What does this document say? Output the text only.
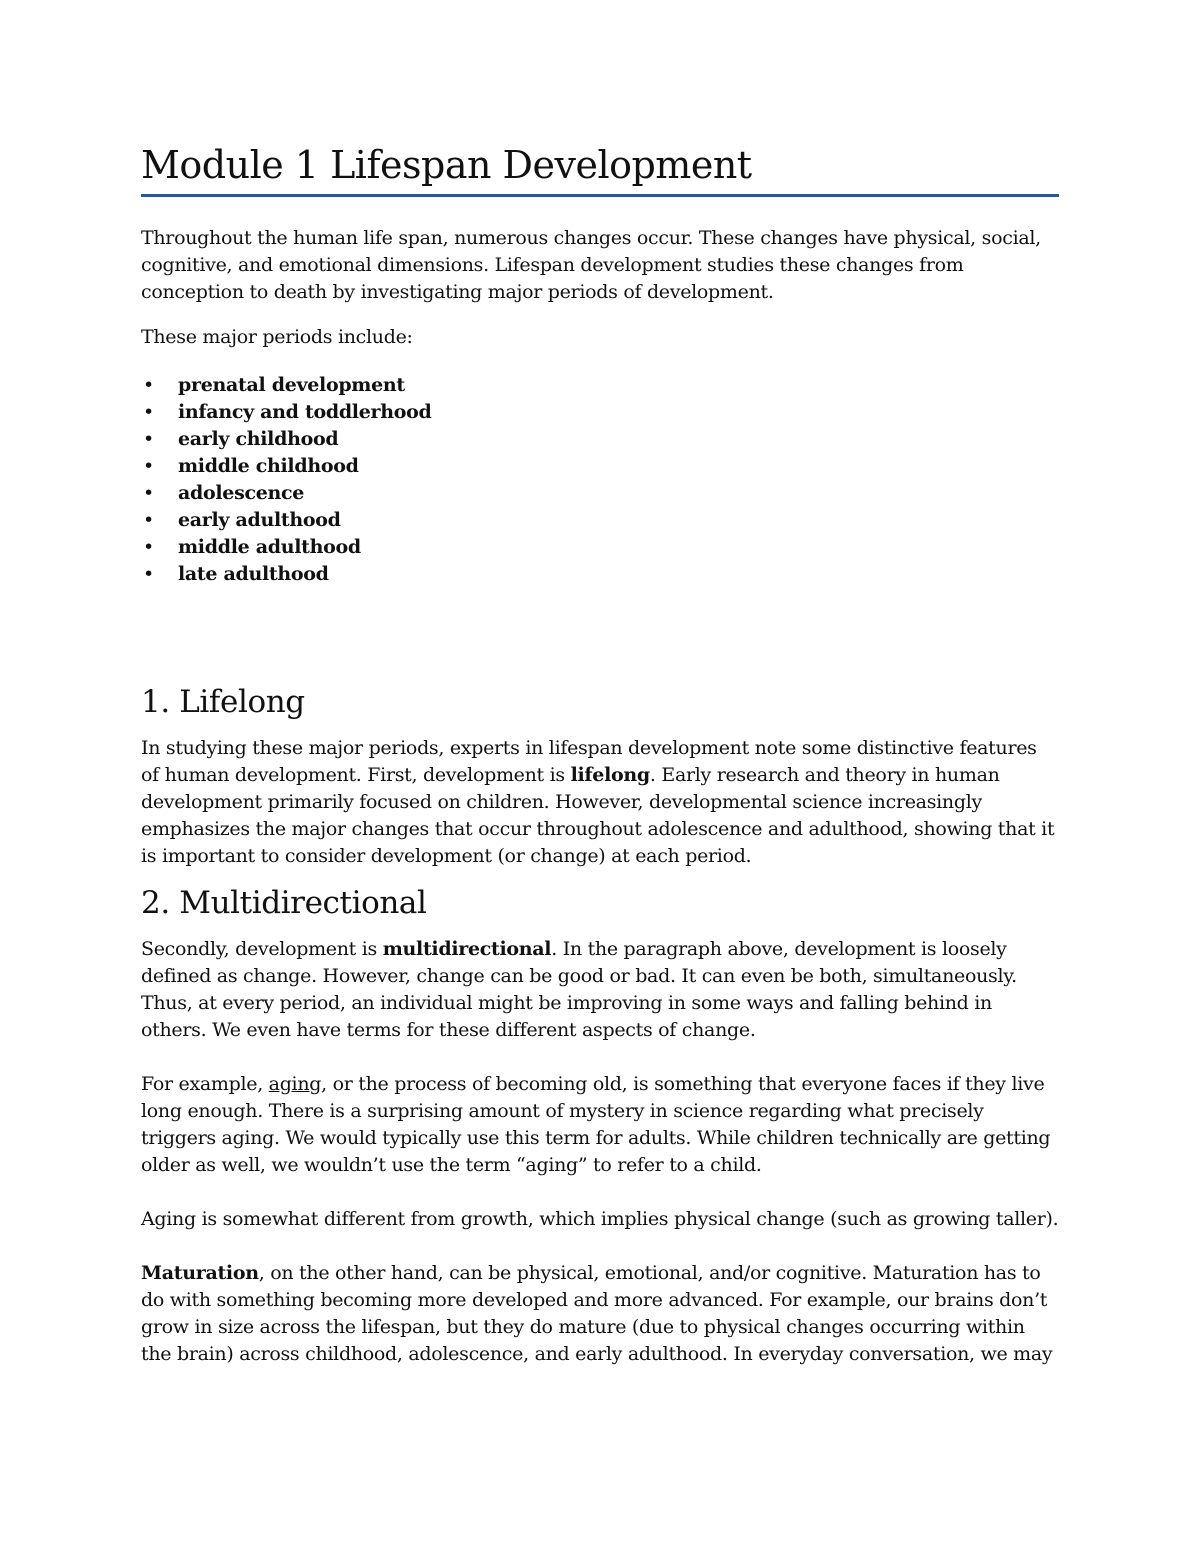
Module 1 Lifespan Development

Throughout the human life span, numerous changes occur. These changes have physical, social, cognitive, and emotional dimensions. Lifespan development studies these changes from conception to death by investigating major periods of development.

These major periods include:

• prenatal development
• infancy and toddlerhood
• early childhood
• middle childhood
• adolescence
• early adulthood
• middle adulthood
• late adulthood
1. Lifelong

In studying these major periods, experts in lifespan development note some distinctive features of human development. First, development is lifelong. Early research and theory in human development primarily focused on children. However, developmental science increasingly emphasizes the major changes that occur throughout adolescence and adulthood, showing that it is important to consider development (or change) at each period.

2. Multidirectional

Secondly, development is multidirectional. In the paragraph above, development is loosely defined as change. However, change can be good or bad. It can even be both, simultaneously. Thus, at every period, an individual might be improving in some ways and falling behind in others. We even have terms for these different aspects of change.

For example, aging, or the process of becoming old, is something that everyone faces if they live long enough. There is a surprising amount of mystery in science regarding what precisely triggers aging. We would typically use this term for adults. While children technically are getting older as well, we wouldn’t use the term “aging” to refer to a child.

Aging is somewhat different from growth, which implies physical change (such as growing taller).

Maturation, on the other hand, can be physical, emotional, and/or cognitive. Maturation has to do with something becoming more developed and more advanced. For example, our brains don’t grow in size across the lifespan, but they do mature (due to physical changes occurring within the brain) across childhood, adolescence, and early adulthood. In everyday conversation, we may
